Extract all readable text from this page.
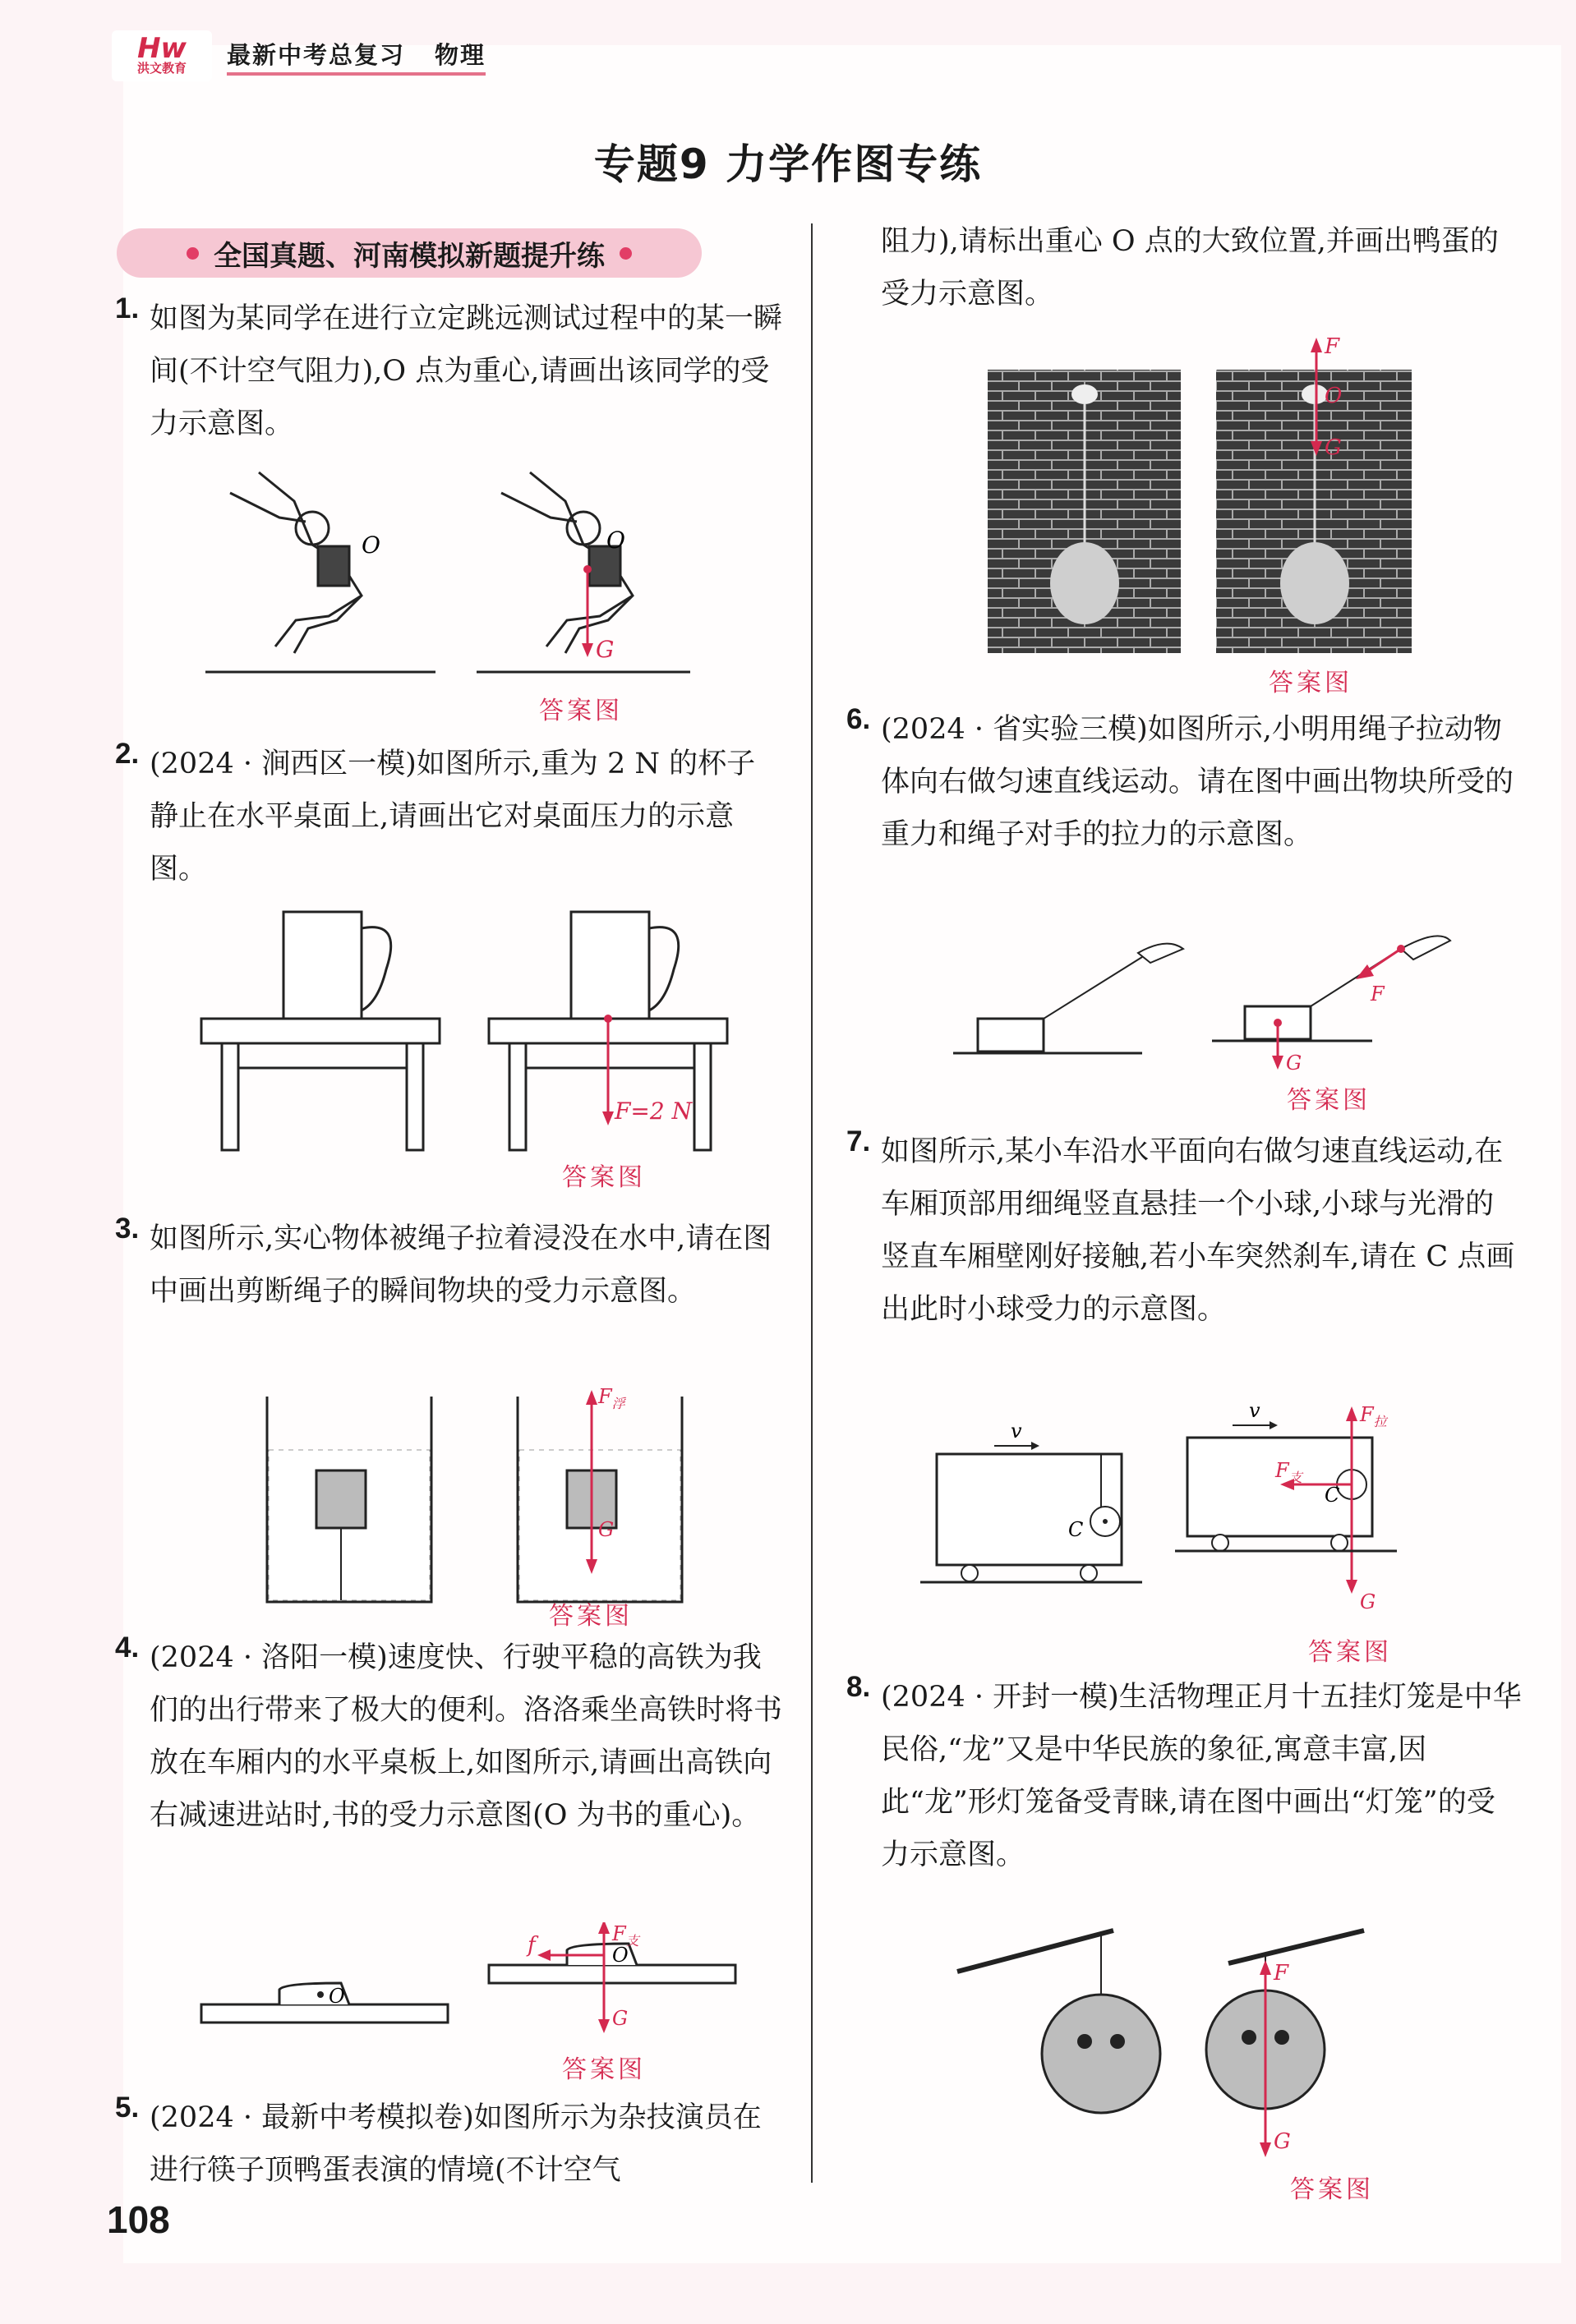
Hw
洪文教育 最新中考总复习 物理
专题9 力学作图专练
全国真题、河南模拟新题提升练
1. 如图为某同学在进行立定跳远测试过程中的某一瞬间(不计空气阻力),O 点为重心,请画出该同学的受力示意图。
2. (2024 · 涧西区一模)如图所示,重为 2 N 的杯子静止在水平桌面上,请画出它对桌面压力的示意图。
3. 如图所示,实心物体被绳子拉着浸没在水中,请在图中画出剪断绳子的瞬间物块的受力示意图。
4. (2024 · 洛阳一模)速度快、行驶平稳的高铁为我们的出行带来了极大的便利。洛洛乘坐高铁时将书放在车厢内的水平桌板上,如图所示,请画出高铁向右减速进站时,书的受力示意图(O 为书的重心)。
5. (2024 · 最新中考模拟卷)如图所示为杂技演员在进行筷子顶鸭蛋表演的情境(不计空气
阻力),请标出重心 O 点的大致位置,并画出鸭蛋的受力示意图。
6. (2024 · 省实验三模)如图所示,小明用绳子拉动物体向右做匀速直线运动。请在图中画出物块所受的重力和绳子对手的拉力的示意图。
7. 如图所示,某小车沿水平面向右做匀速直线运动,在车厢顶部用细绳竖直悬挂一个小球,小球与光滑的竖直车厢壁刚好接触,若小车突然刹车,请在 C 点画出此时小球受力的示意图。
8. (2024 · 开封一模)生活物理正月十五挂灯笼是中华民俗,“龙”又是中华民族的象征,寓意丰富,因此“龙”形灯笼备受青睐,请在图中画出“灯笼”的受力示意图。
O	O
G
答案图
F=2 N
答案图
$F_浮$
G
答案图
O
f	O
$F_支$
G
答案图
F
O
G
答案图
G
F
答案图
v
C
v
$F_支$
C
$F_拉$
G
答案图
F
G
答案图
108
